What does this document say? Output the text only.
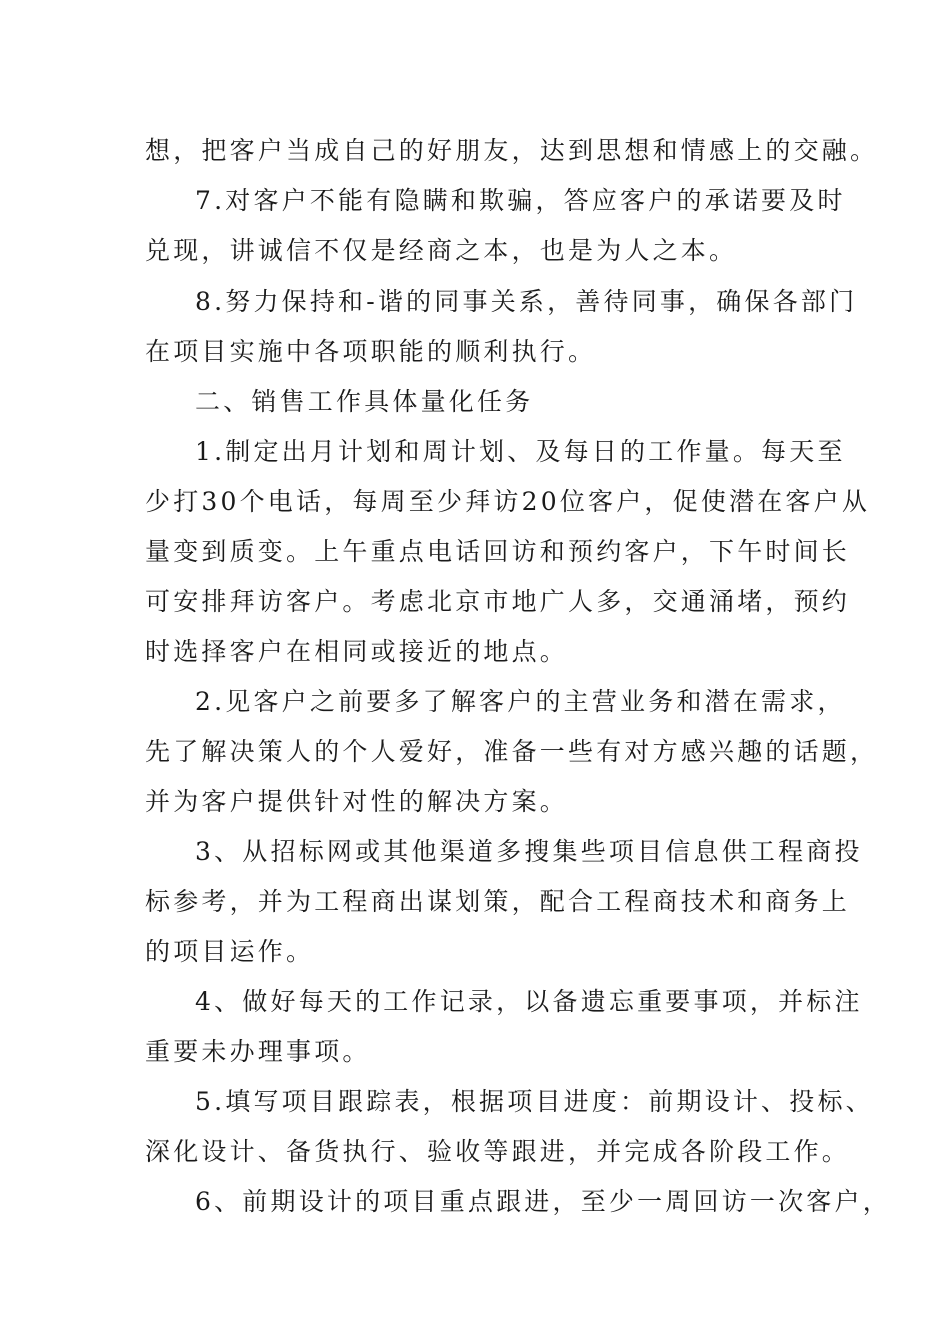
想，把客户当成自己的好朋友，达到思想和情感上的交融。
7.对客户不能有隐瞒和欺骗，答应客户的承诺要及时
兑现，讲诚信不仅是经商之本，也是为人之本。
8.努力保持和-谐的同事关系，善待同事，确保各部门
在项目实施中各项职能的顺利执行。
二、销售工作具体量化任务
1.制定出月计划和周计划、及每日的工作量。每天至
少打30个电话，每周至少拜访20位客户，促使潜在客户从
量变到质变。上午重点电话回访和预约客户，下午时间长
可安排拜访客户。考虑北京市地广人多，交通涌堵，预约
时选择客户在相同或接近的地点。
2.见客户之前要多了解客户的主营业务和潜在需求，
先了解决策人的个人爱好，准备一些有对方感兴趣的话题，
并为客户提供针对性的解决方案。
3、从招标网或其他渠道多搜集些项目信息供工程商投
标参考，并为工程商出谋划策，配合工程商技术和商务上
的项目运作。
4、做好每天的工作记录，以备遗忘重要事项，并标注
重要未办理事项。
5.填写项目跟踪表，根据项目进度：前期设计、投标、
深化设计、备货执行、验收等跟进，并完成各阶段工作。
6、前期设计的项目重点跟进，至少一周回访一次客户，
